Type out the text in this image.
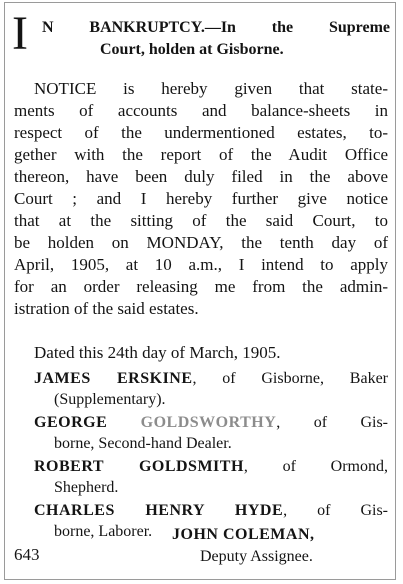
I N BANKRUPTCY.—In the Supreme
Court, holden at Gisborne.
NOTICE is hereby given that state-
ments of accounts and balance-sheets in
respect of the undermentioned estates, to-
gether with the report of the Audit Office
thereon, have been duly filed in the above
Court ; and I hereby further give notice
that at the sitting of the said Court, to
be holden on MONDAY, the tenth day of
April, 1905, at 10 a.m., I intend to apply
for an order releasing me from the admin-
istration of the said estates.
Dated this 24th day of March, 1905.
JAMES ERSKINE, of Gisborne, Baker
(Supplementary).
GEORGE GOLDSWORTHY, of Gis-
borne, Second-hand Dealer.
ROBERT GOLDSMITH, of Ormond,
Shepherd.
CHARLES HENRY HYDE, of Gis-
borne, Laborer. JOHN COLEMAN,
643	Deputy Assignee.
